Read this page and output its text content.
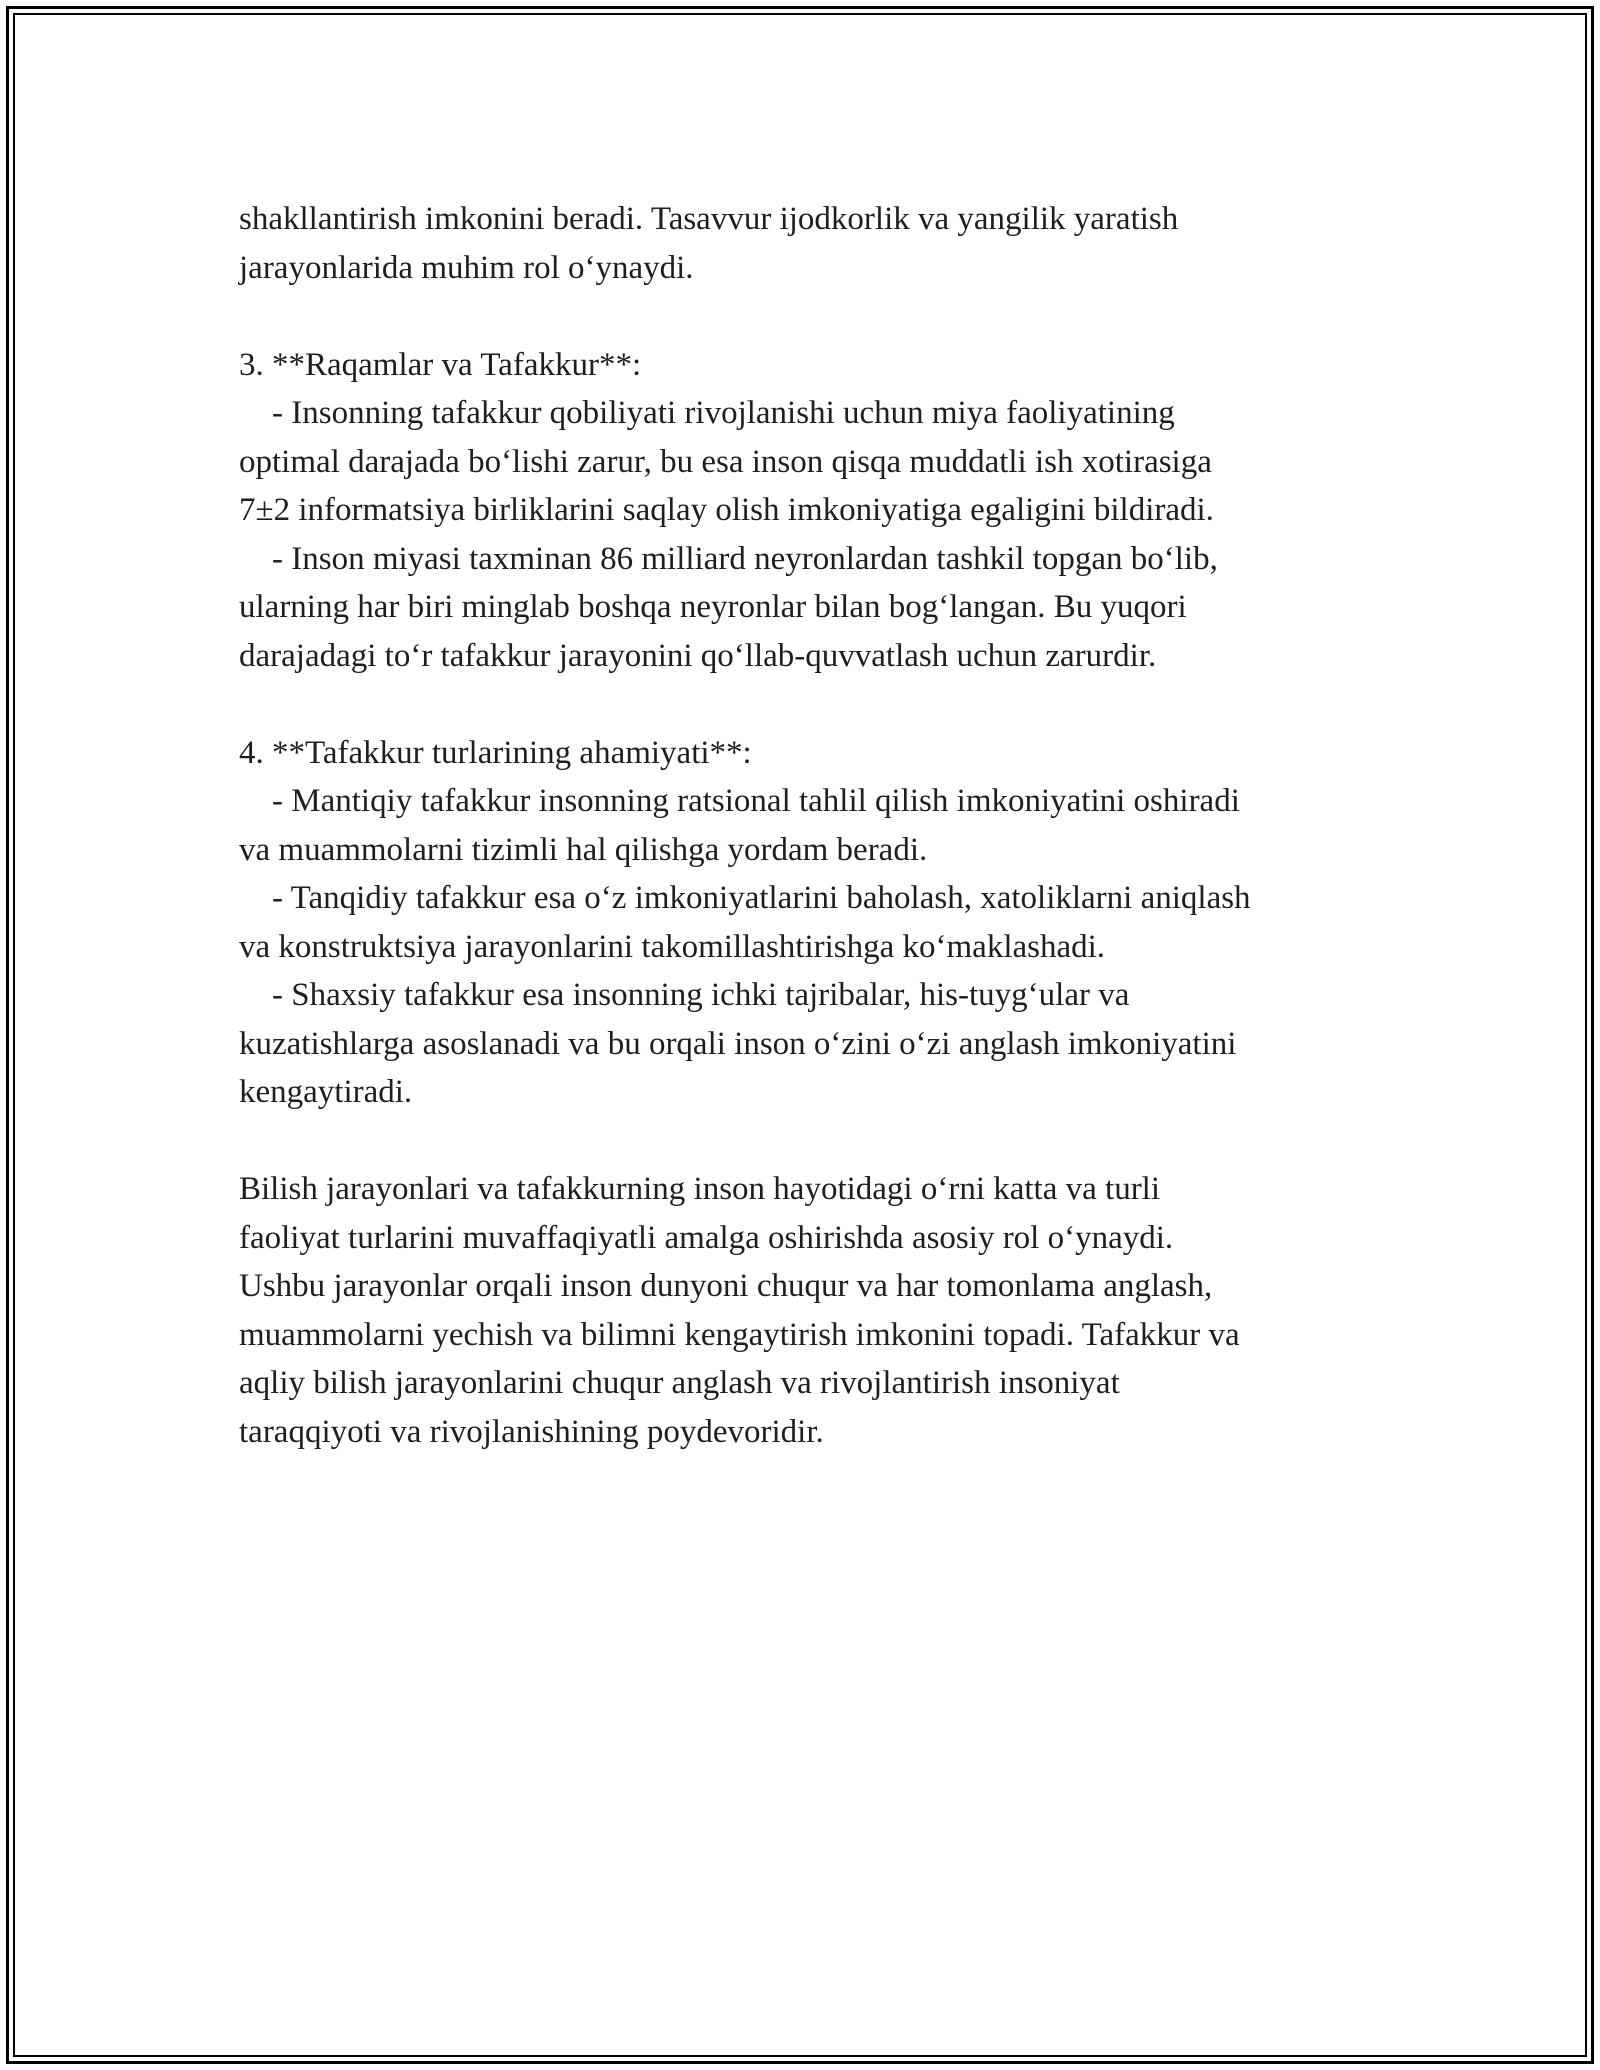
shakllantirish imkonini beradi. Tasavvur ijodkorlik va yangilik yaratish
jarayonlarida muhim rol o‘ynaydi.
3. **Raqamlar va Tafakkur**:
- Insonning tafakkur qobiliyati rivojlanishi uchun miya faoliyatining
optimal darajada bo‘lishi zarur, bu esa inson qisqa muddatli ish xotirasiga
7±2 informatsiya birliklarini saqlay olish imkoniyatiga egaligini bildiradi.
- Inson miyasi taxminan 86 milliard neyronlardan tashkil topgan bo‘lib,
ularning har biri minglab boshqa neyronlar bilan bog‘langan. Bu yuqori
darajadagi to‘r tafakkur jarayonini qo‘llab-quvvatlash uchun zarurdir.
4. **Tafakkur turlarining ahamiyati**:
- Mantiqiy tafakkur insonning ratsional tahlil qilish imkoniyatini oshiradi
va muammolarni tizimli hal qilishga yordam beradi.
- Tanqidiy tafakkur esa o‘z imkoniyatlarini baholash, xatoliklarni aniqlash
va konstruktsiya jarayonlarini takomillashtirishga ko‘maklashadi.
- Shaxsiy tafakkur esa insonning ichki tajribalar, his-tuyg‘ular va
kuzatishlarga asoslanadi va bu orqali inson o‘zini o‘zi anglash imkoniyatini
kengaytiradi.
Bilish jarayonlari va tafakkurning inson hayotidagi o‘rni katta va turli
faoliyat turlarini muvaffaqiyatli amalga oshirishda asosiy rol o‘ynaydi.
Ushbu jarayonlar orqali inson dunyoni chuqur va har tomonlama anglash,
muammolarni yechish va bilimni kengaytirish imkonini topadi. Tafakkur va
aqliy bilish jarayonlarini chuqur anglash va rivojlantirish insoniyat
taraqqiyoti va rivojlanishining poydevoridir.
